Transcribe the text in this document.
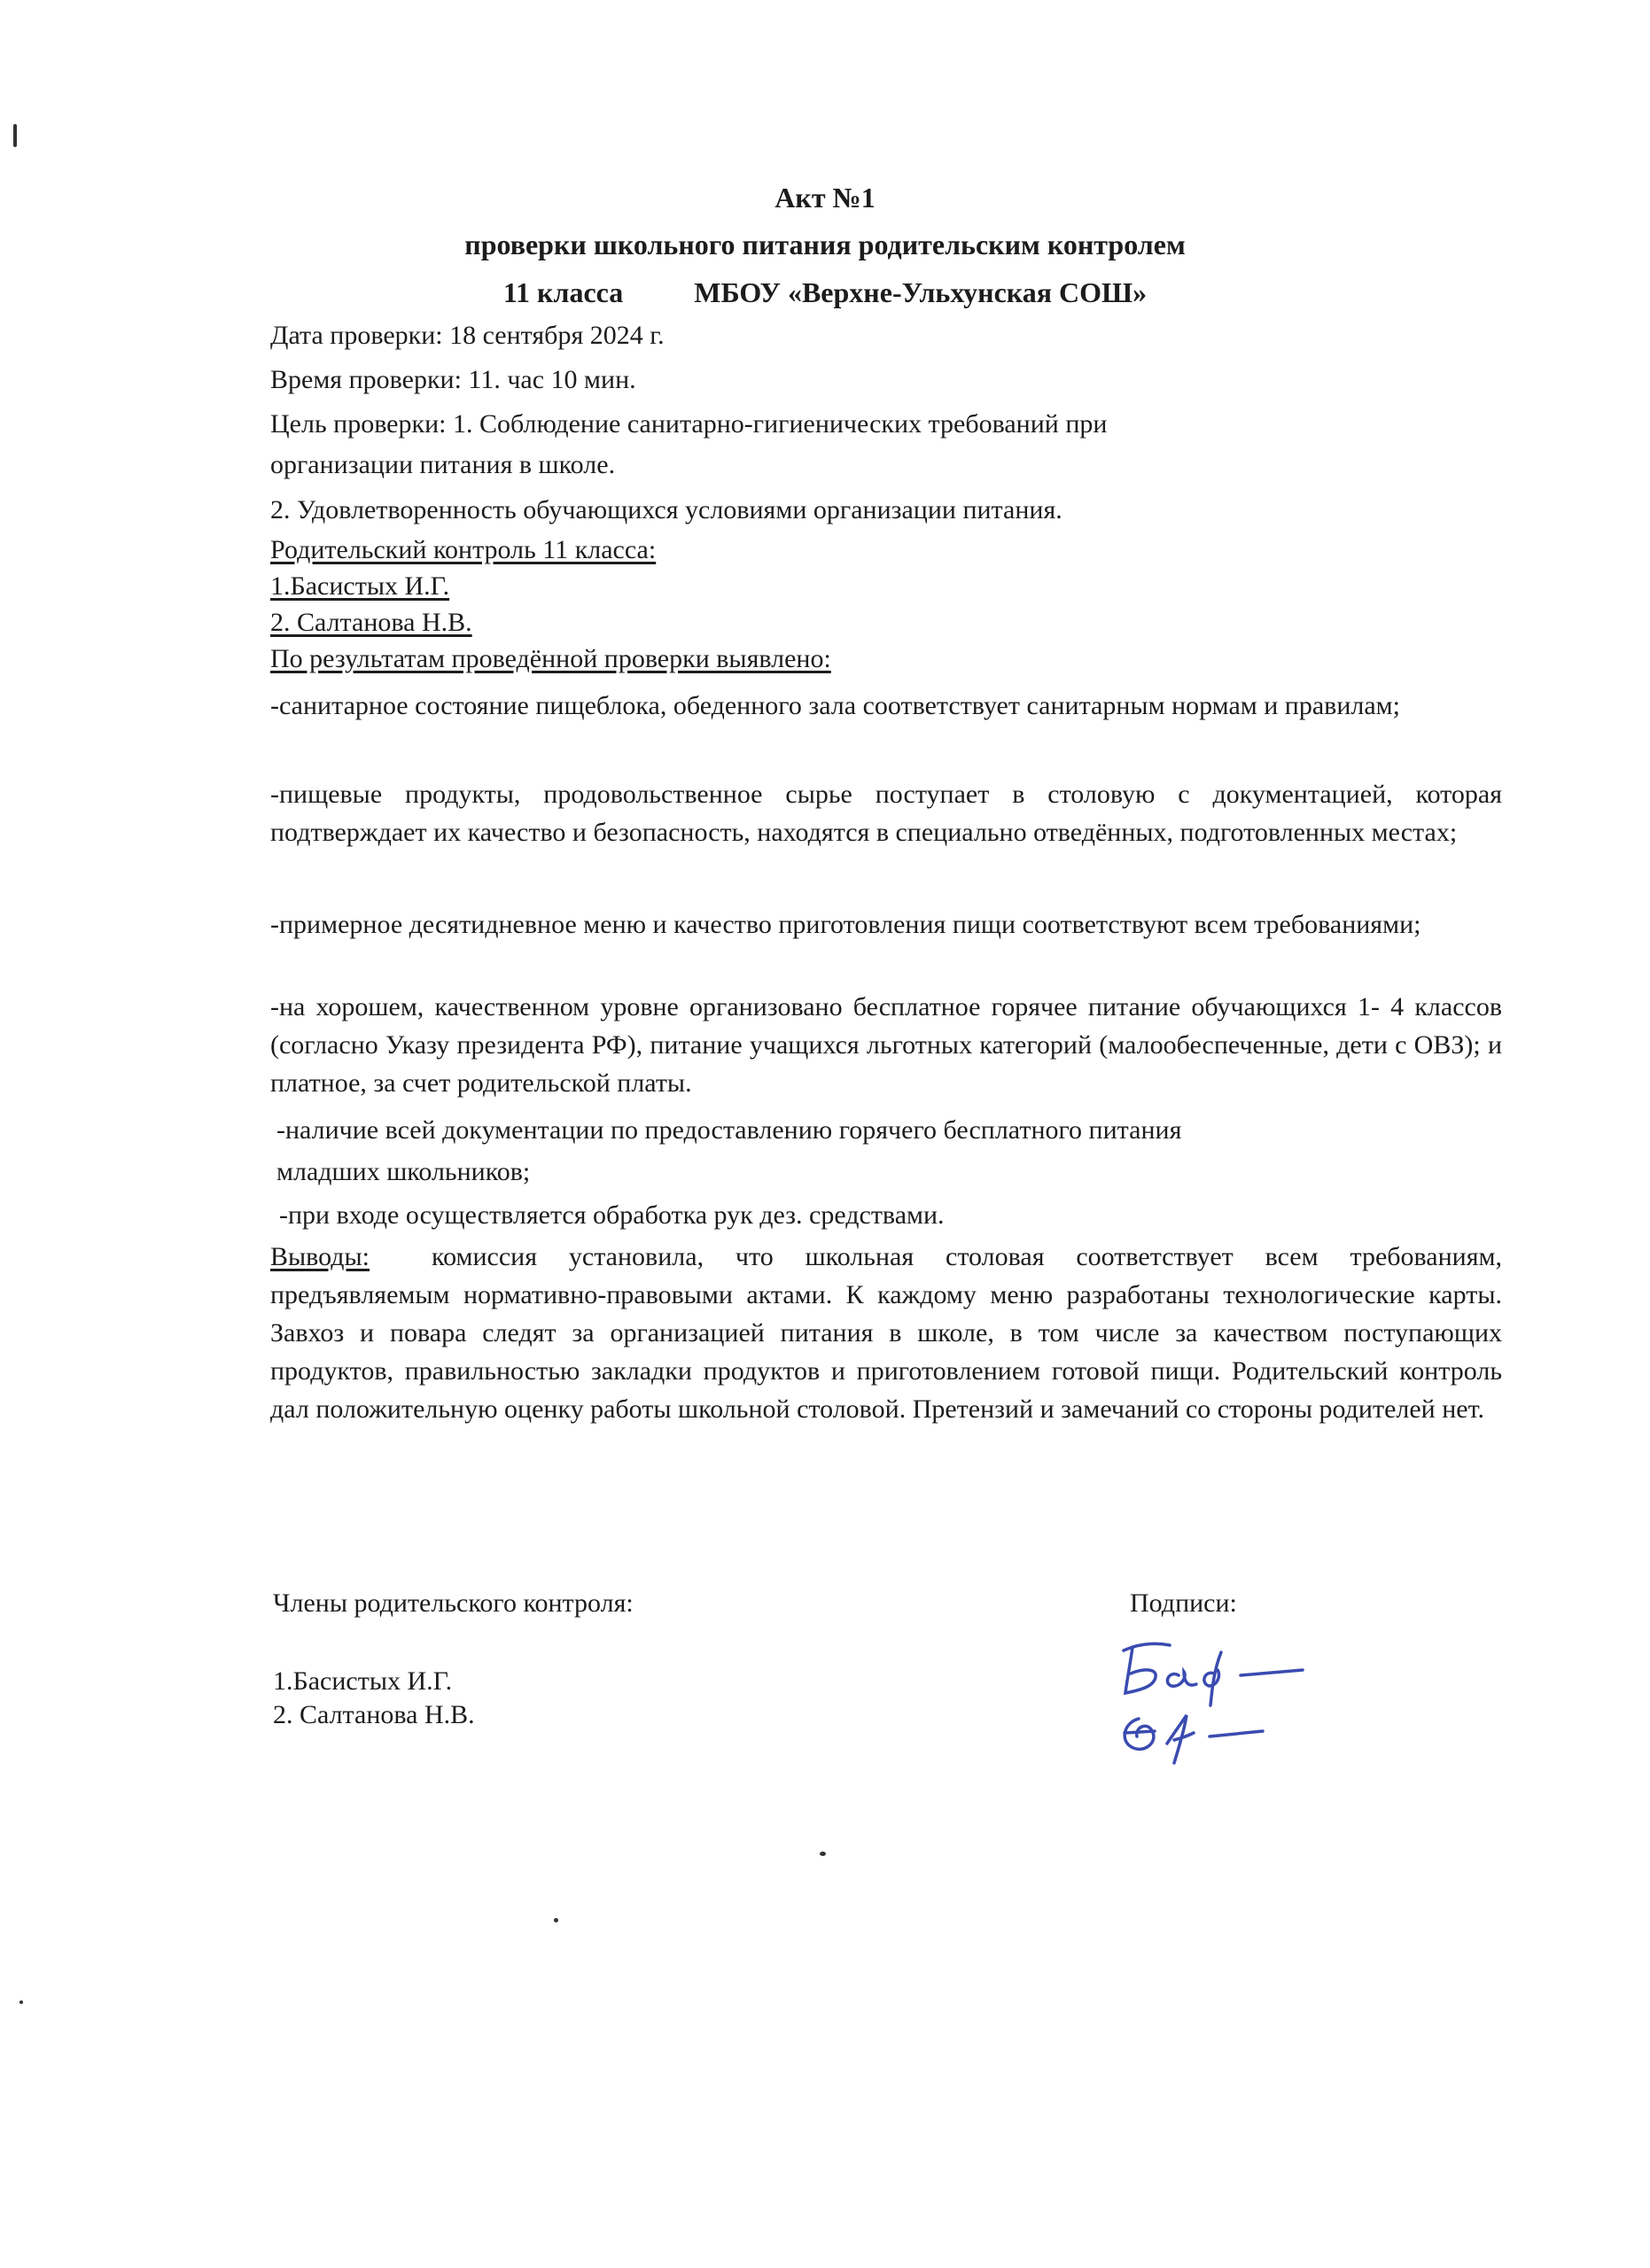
Акт №1
проверки школьного питания родительским контролем
11 класса	МБОУ «Верхне-Ульхунская СОШ»

Дата проверки: 18 сентября 2024 г.

Время проверки: 11. час 10 мин.

Цель проверки: 1. Соблюдение санитарно-гигиенических требований при

организации питания в школе.

2. Удовлетворенность обучающихся условиями организации питания.

Родительский контроль 11 класса:

1.Басистых И.Г.

2. Салтанова Н.В.

По результатам проведённой проверки выявлено:

-санитарное состояние пищеблока, обеденного зала соответствует санитарным нормам и правилам;

-пищевые продукты, продовольственное сырье поступает в столовую с документацией, которая подтверждает их качество и безопасность, находятся в специально отведённых, подготовленных местах;

-примерное десятидневное меню и качество приготовления пищи соответствуют всем требованиями;

-на хорошем, качественном уровне организовано бесплатное горячее питание обучающихся 1- 4 классов (согласно Указу президента РФ), питание учащихся льготных категорий (малообеспеченные, дети с ОВЗ); и платное, за счет родительской платы.

-наличие всей документации по предоставлению горячего бесплатного питания

младших школьников;

-при входе осуществляется обработка рук дез. средствами.

Выводы: комиссия установила, что школьная столовая соответствует всем требованиям, предъявляемым нормативно-правовыми актами. К каждому меню разработаны технологические карты. Завхоз и повара следят за организацией питания в школе, в том числе за качеством поступающих продуктов, правильностью закладки продуктов и приготовлением готовой пищи. Родительский контроль дал положительную оценку работы школьной столовой. Претензий и замечаний со стороны родителей нет.

Члены родительского контроля:	Подписи:

1.Басистых И.Г.

2. Салтанова Н.В.
